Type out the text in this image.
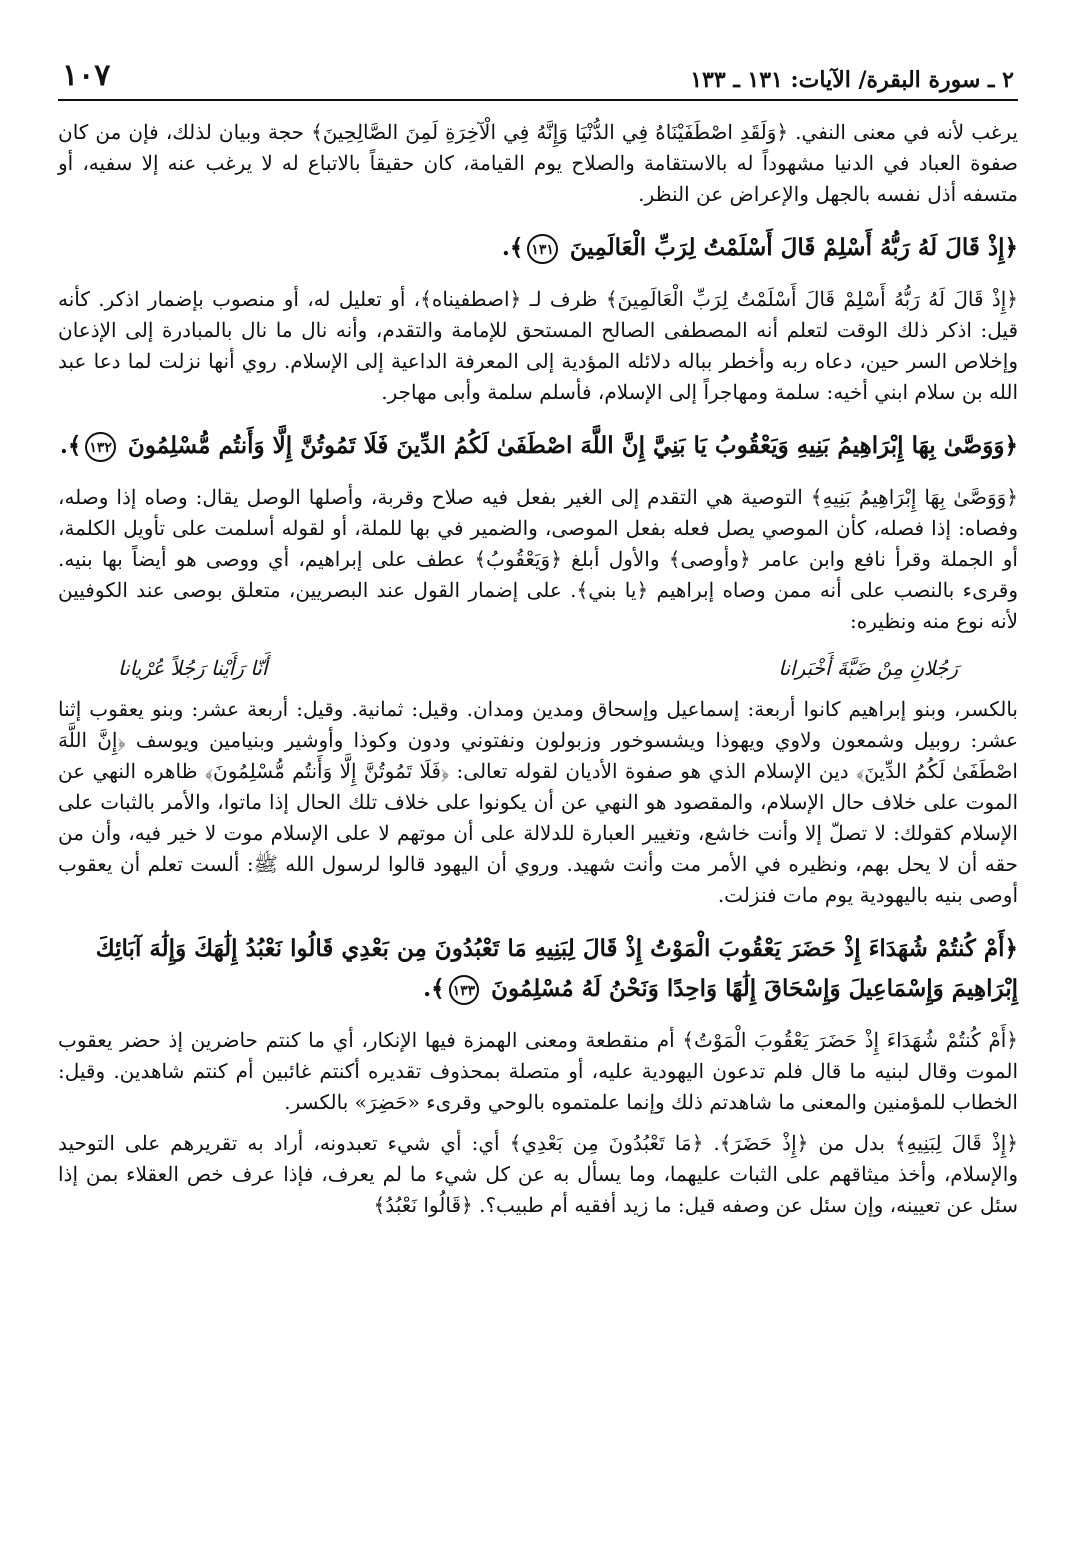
٢ ـ سورة البقرة/ الآيات: ١٣١ ـ ١٣٣
١٠٧

يرغب لأنه في معنى النفي. ﴿وَلَقَدِ اصْطَفَيْنَاهُ فِي الدُّنْيَا وَإِنَّهُ فِي الْآخِرَةِ لَمِنَ الصَّالِحِينَ﴾ حجة وبيان لذلك، فإن من كان صفوة العباد في الدنيا مشهوداً له بالاستقامة والصلاح يوم القيامة، كان حقيقاً بالاتباع له لا يرغب عنه إلا سفيه، أو متسفه أذل نفسه بالجهل والإعراض عن النظر.

﴿إِذْ قَالَ لَهُ رَبُّهُ أَسْلِمْ قَالَ أَسْلَمْتُ لِرَبِّ الْعَالَمِينَ ١٣١﴾.

﴿إِذْ قَالَ لَهُ رَبُّهُ أَسْلِمْ قَالَ أَسْلَمْتُ لِرَبِّ الْعَالَمِينَ﴾ ظرف لـ ﴿اصطفيناه﴾، أو تعليل له، أو منصوب بإضمار اذكر. كأنه قيل: اذكر ذلك الوقت لتعلم أنه المصطفى الصالح المستحق للإمامة والتقدم، وأنه نال ما نال بالمبادرة إلى الإذعان وإخلاص السر حين، دعاه ربه وأخطر بباله دلائله المؤدية إلى المعرفة الداعية إلى الإسلام. روي أنها نزلت لما دعا عبد الله بن سلام ابني أخيه: سلمة ومهاجراً إلى الإسلام، فأسلم سلمة وأبى مهاجر.

﴿وَوَصَّىٰ بِهَا إِبْرَاهِيمُ بَنِيهِ وَيَعْقُوبُ يَا بَنِيَّ إِنَّ اللَّهَ اصْطَفَىٰ لَكُمُ الدِّينَ فَلَا تَمُوتُنَّ إِلَّا وَأَنتُم مُّسْلِمُونَ ١٣٢﴾.

﴿وَوَصَّىٰ بِهَا إِبْرَاهِيمُ بَنِيهِ﴾ التوصية هي التقدم إلى الغير بفعل فيه صلاح وقربة، وأصلها الوصل يقال: وصاه إذا وصله، وفصاه: إذا فصله، كأن الموصي يصل فعله بفعل الموصى، والضمير في بها للملة، أو لقوله أسلمت على تأويل الكلمة، أو الجملة وقرأ نافع وابن عامر ﴿وأوصى﴾ والأول أبلغ ﴿وَيَعْقُوبُ﴾ عطف على إبراهيم، أي ووصى هو أيضاً بها بنيه. وقرىء بالنصب على أنه ممن وصاه إبراهيم ﴿يا بني﴾. على إضمار القول عند البصريين، متعلق بوصى عند الكوفيين لأنه نوع منه ونظيره:

رَجُلانِ مِنْ ضَبَّةَ أَخْبَرانا
أَنّا رَأَيْنا رَجُلاً عُرْيانا

بالكسر، وبنو إبراهيم كانوا أربعة: إسماعيل وإسحاق ومدين ومدان. وقيل: ثمانية. وقيل: أربعة عشر: وبنو يعقوب إثنا عشر: روبيل وشمعون ولاوي ويهوذا ويشسوخور وزبولون ونفتوني ودون وكوذا وأوشير وبنيامين ويوسف ﴿إِنَّ اللَّهَ اصْطَفَىٰ لَكُمُ الدِّينَ﴾ دين الإسلام الذي هو صفوة الأديان لقوله تعالى: ﴿فَلَا تَمُوتُنَّ إِلَّا وَأَنتُم مُّسْلِمُونَ﴾ ظاهره النهي عن الموت على خلاف حال الإسلام، والمقصود هو النهي عن أن يكونوا على خلاف تلك الحال إذا ماتوا، والأمر بالثبات على الإسلام كقولك: لا تصلّ إلا وأنت خاشع، وتغيير العبارة للدلالة على أن موتهم لا على الإسلام موت لا خير فيه، وأن من حقه أن لا يحل بهم، ونظيره في الأمر مت وأنت شهيد. وروي أن اليهود قالوا لرسول الله ﷺ: ألست تعلم أن يعقوب أوصى بنيه باليهودية يوم مات فنزلت.

﴿أَمْ كُنتُمْ شُهَدَاءَ إِذْ حَضَرَ يَعْقُوبَ الْمَوْتُ إِذْ قَالَ لِبَنِيهِ مَا تَعْبُدُونَ مِن بَعْدِي قَالُوا نَعْبُدُ إِلَٰهَكَ وَإِلَٰهَ آبَائِكَ إِبْرَاهِيمَ وَإِسْمَاعِيلَ وَإِسْحَاقَ إِلَٰهًا وَاحِدًا وَنَحْنُ لَهُ مُسْلِمُونَ ١٣٣﴾.

﴿أَمْ كُنتُمْ شُهَدَاءَ إِذْ حَضَرَ يَعْقُوبَ الْمَوْتُ﴾ أم منقطعة ومعنى الهمزة فيها الإنكار، أي ما كنتم حاضرين إذ حضر يعقوب الموت وقال لبنيه ما قال فلم تدعون اليهودية عليه، أو متصلة بمحذوف تقديره أكنتم غائبين أم كنتم شاهدين. وقيل: الخطاب للمؤمنين والمعنى ما شاهدتم ذلك وإنما علمتموه بالوحي وقرىء «حَضِرَ» بالكسر.

﴿إِذْ قَالَ لِبَنِيهِ﴾ بدل من ﴿إِذْ حَضَرَ﴾. ﴿مَا تَعْبُدُونَ مِن بَعْدِي﴾ أي: أي شيء تعبدونه، أراد به تقريرهم على التوحيد والإسلام، وأخذ ميثاقهم على الثبات عليهما، وما يسأل به عن كل شيء ما لم يعرف، فإذا عرف خص العقلاء بمن إذا سئل عن تعيينه، وإن سئل عن وصفه قيل: ما زيد أفقيه أم طبيب؟. ﴿قَالُوا نَعْبُدُ﴾
